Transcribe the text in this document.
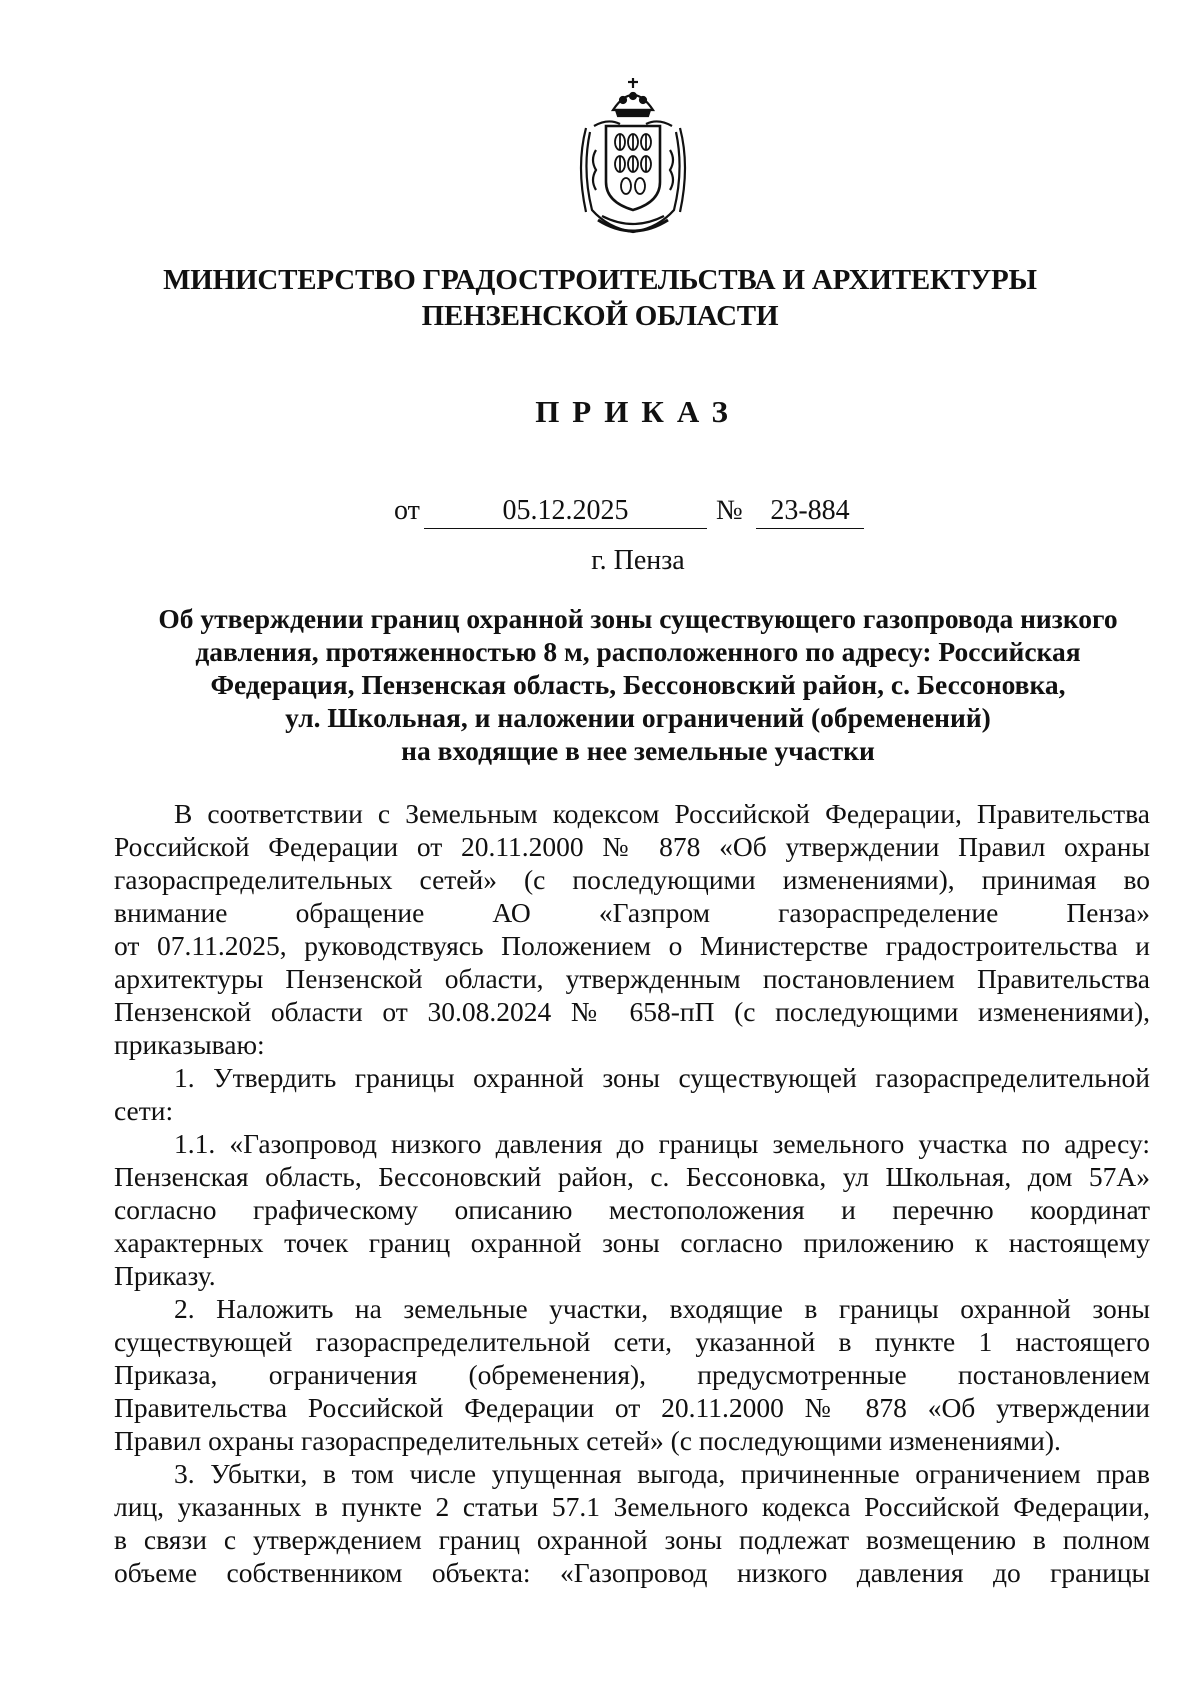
МИНИСТЕРСТВО ГРАДОСТРОИТЕЛЬСТВА И АРХИТЕКТУРЫ
ПЕНЗЕНСКОЙ ОБЛАСТИ
ПРИКАЗ
от	05.12.2025	№ 23-884
г. Пенза
Об утверждении границ охранной зоны существующего газопровода низкого
давления, протяженностью 8 м, расположенного по адресу: Российская
Федерация, Пензенская область, Бессоновский район, с. Бессоновка,
ул. Школьная, и наложении ограничений (обременений)
на входящие в нее земельные участки
В соответствии с Земельным кодексом Российской Федерации, Правительства
Российской Федерации от 20.11.2000 № 878 «Об утверждении Правил охраны
газораспределительных сетей» (с последующими изменениями), принимая во
внимание обращение АО «Газпром газораспределение Пенза»
от 07.11.2025, руководствуясь Положением о Министерстве градостроительства и
архитектуры Пензенской области, утвержденным постановлением Правительства
Пензенской области от 30.08.2024 № 658-пП (с последующими изменениями),
приказываю:
1. Утвердить границы охранной зоны существующей газораспределительной
сети:
1.1. «Газопровод низкого давления до границы земельного участка по адресу:
Пензенская область, Бессоновский район, с. Бессоновка, ул Школьная, дом 57А»
согласно графическому описанию местоположения и перечню координат
характерных точек границ охранной зоны согласно приложению к настоящему
Приказу.
2. Наложить на земельные участки, входящие в границы охранной зоны
существующей газораспределительной сети, указанной в пункте 1 настоящего
Приказа, ограничения (обременения), предусмотренные постановлением
Правительства Российской Федерации от 20.11.2000 № 878 «Об утверждении
Правил охраны газораспределительных сетей» (с последующими изменениями).
3. Убытки, в том числе упущенная выгода, причиненные ограничением прав
лиц, указанных в пункте 2 статьи 57.1 Земельного кодекса Российской Федерации,
в связи с утверждением границ охранной зоны подлежат возмещению в полном
объеме собственником объекта: «Газопровод низкого давления до границы
